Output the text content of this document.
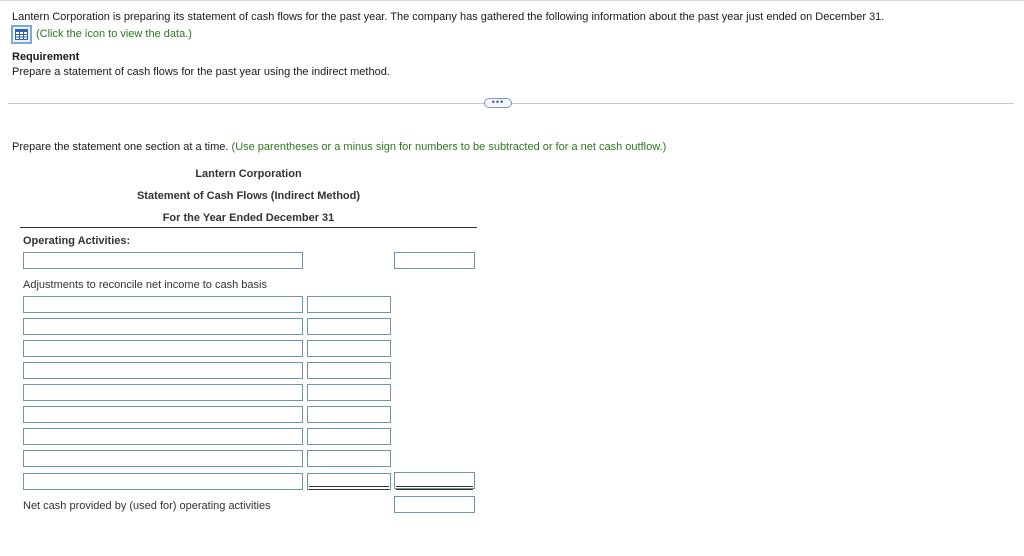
Lantern Corporation is preparing its statement of cash flows for the past year. The company has gathered the following information about the past year just ended on December 31.
(Click the icon to view the data.)
Requirement
Prepare a statement of cash flows for the past year using the indirect method.
•••
Prepare the statement one section at a time. (Use parentheses or a minus sign for numbers to be subtracted or for a net cash outflow.)
Lantern Corporation
Statement of Cash Flows (Indirect Method)
For the Year Ended December 31
Operating Activities:
Adjustments to reconcile net income to cash basis
Net cash provided by (used for) operating activities
